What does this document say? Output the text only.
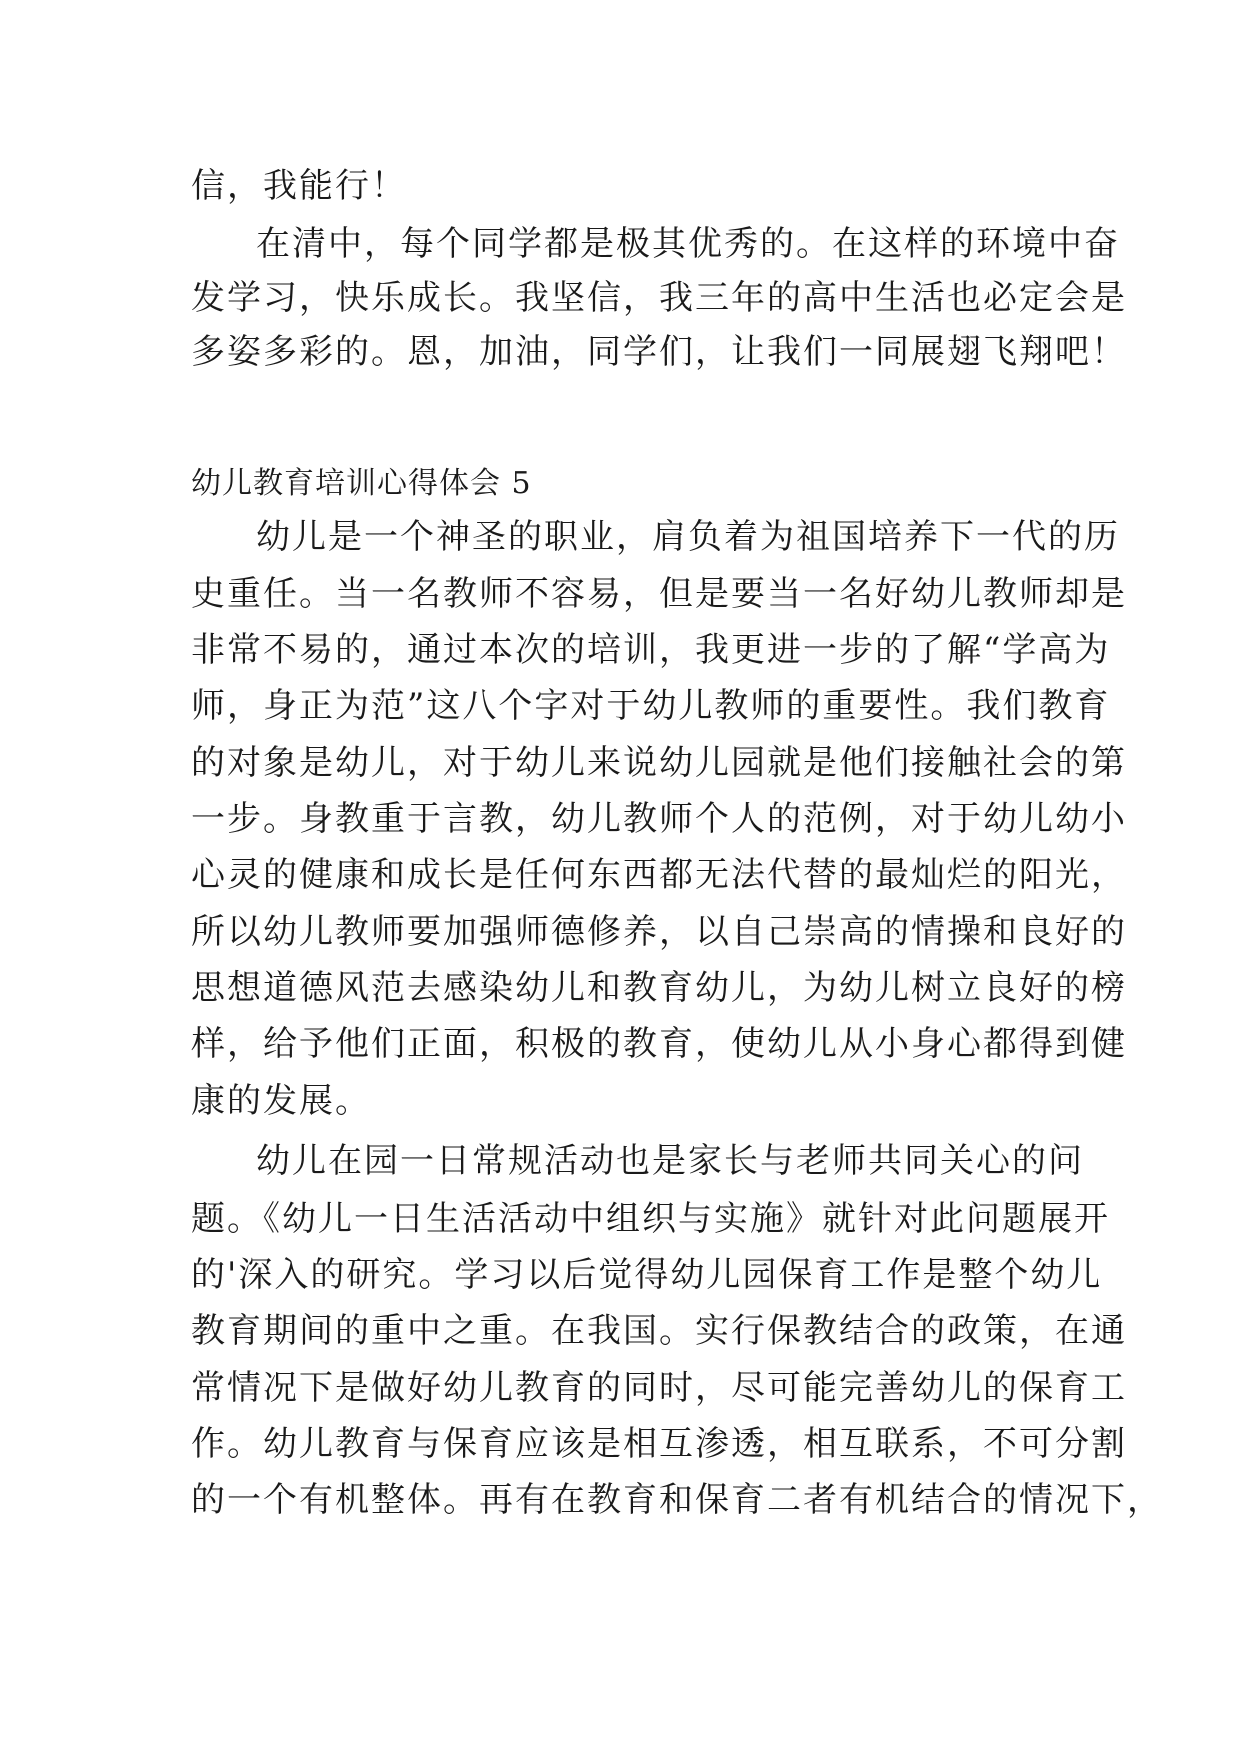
信，我能行！
在清中，每个同学都是极其优秀的。在这样的环境中奋
发学习，快乐成长。我坚信，我三年的高中生活也必定会是
多姿多彩的。恩，加油，同学们，让我们一同展翅飞翔吧！
幼儿教育培训心得体会 5
幼儿是一个神圣的职业，肩负着为祖国培养下一代的历
史重任。当一名教师不容易，但是要当一名好幼儿教师却是
非常不易的，通过本次的培训，我更进一步的了解“学高为
师，身正为范”这八个字对于幼儿教师的重要性。我们教育
的对象是幼儿，对于幼儿来说幼儿园就是他们接触社会的第
一步。身教重于言教，幼儿教师个人的范例，对于幼儿幼小
心灵的健康和成长是任何东西都无法代替的最灿烂的阳光，
所以幼儿教师要加强师德修养，以自己崇高的情操和良好的
思想道德风范去感染幼儿和教育幼儿，为幼儿树立良好的榜
样，给予他们正面，积极的教育，使幼儿从小身心都得到健
康的发展。
幼儿在园一日常规活动也是家长与老师共同关心的问
题。《幼儿一日生活活动中组织与实施》就针对此问题展开
的'深入的研究。学习以后觉得幼儿园保育工作是整个幼儿
教育期间的重中之重。在我国。实行保教结合的政策，在通
常情况下是做好幼儿教育的同时，尽可能完善幼儿的保育工
作。幼儿教育与保育应该是相互渗透，相互联系，不可分割
的一个有机整体。再有在教育和保育二者有机结合的情况下，
